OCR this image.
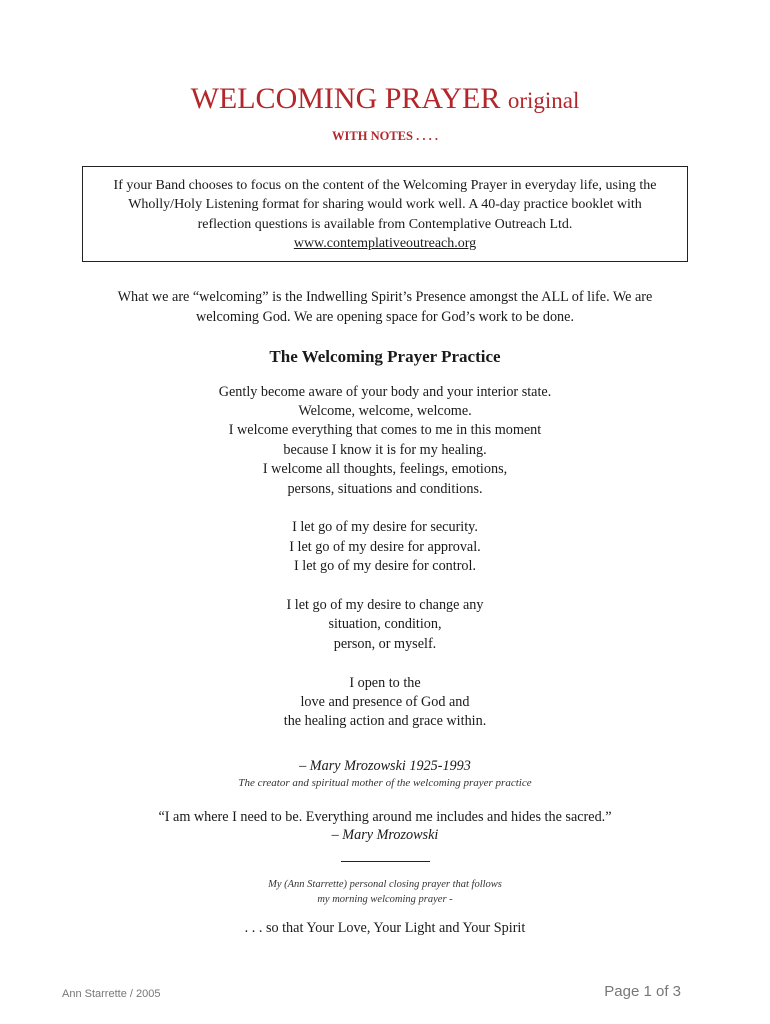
WELCOMING PRAYER original
WITH NOTES . . . .
If your Band chooses to focus on the content of the Welcoming Prayer in everyday life, using the
Wholly/Holy Listening format for sharing would work well. A 40-day practice booklet with
reflection questions is available from Contemplative Outreach Ltd.
www.contemplativeoutreach.org
What we are “welcoming” is the Indwelling Spirit’s Presence amongst the ALL of life. We are
welcoming God. We are opening space for God’s work to be done.
The Welcoming Prayer Practice
Gently become aware of your body and your interior state.
Welcome, welcome, welcome.
I welcome everything that comes to me in this moment
because I know it is for my healing.
I welcome all thoughts, feelings, emotions,
persons, situations and conditions.
I let go of my desire for security.
I let go of my desire for approval.
I let go of my desire for control.
I let go of my desire to change any
situation, condition,
person, or myself.
I open to the
love and presence of God and
the healing action and grace within.
– Mary Mrozowski 1925-1993
The creator and spiritual mother of the welcoming prayer practice
“I am where I need to be. Everything around me includes and hides the sacred.”
– Mary Mrozowski
My (Ann Starrette) personal closing prayer that follows
my morning welcoming prayer -
. . . so that Your Love, Your Light and Your Spirit
Ann Starrette / 2005	Page 1 of 3
